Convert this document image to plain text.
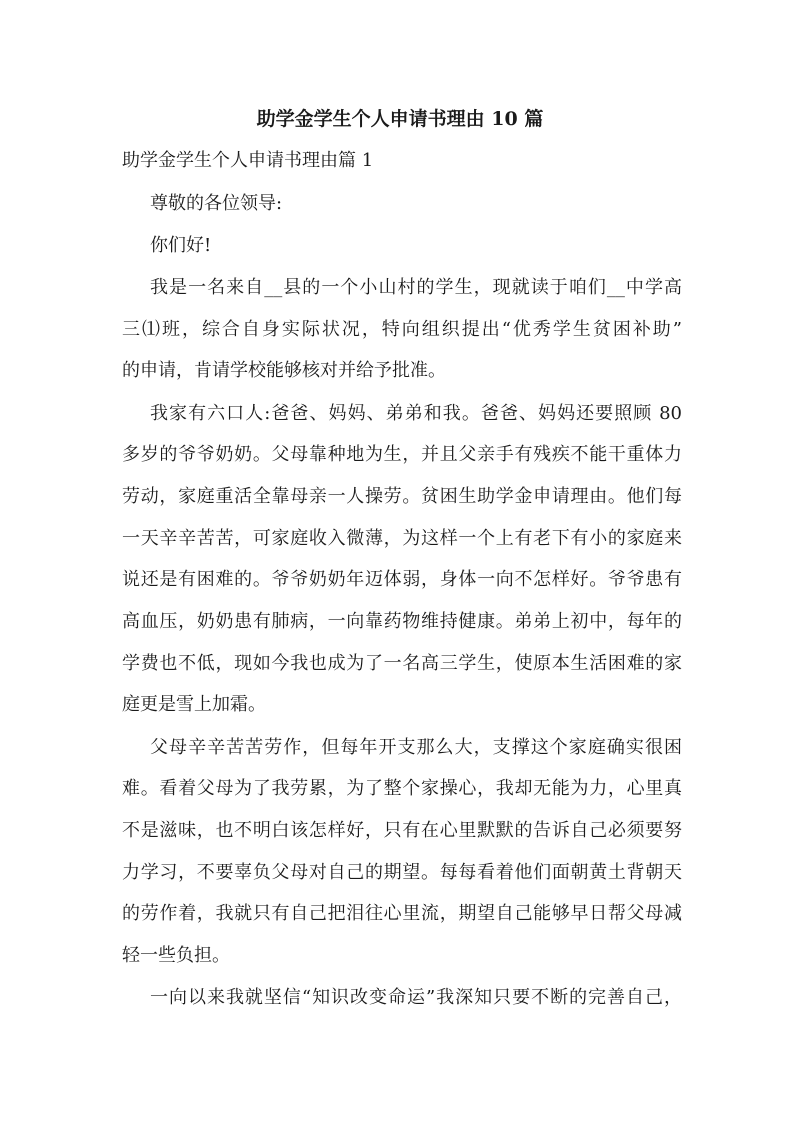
助学金学生个人申请书理由 10 篇
助学金学生个人申请书理由篇 1
尊敬的各位领导:
你们好!
我是一名来自__县的一个小山村的学生，现就读于咱们__中学高
三⑴班，综合自身实际状况，特向组织提出“优秀学生贫困补助”
的申请，肯请学校能够核对并给予批准。
我家有六口人:爸爸、妈妈、弟弟和我。爸爸、妈妈还要照顾 80
多岁的爷爷奶奶。父母靠种地为生，并且父亲手有残疾不能干重体力
劳动，家庭重活全靠母亲一人操劳。贫困生助学金申请理由。他们每
一天辛辛苦苦，可家庭收入微薄，为这样一个上有老下有小的家庭来
说还是有困难的。爷爷奶奶年迈体弱，身体一向不怎样好。爷爷患有
高血压，奶奶患有肺病，一向靠药物维持健康。弟弟上初中，每年的
学费也不低，现如今我也成为了一名高三学生，使原本生活困难的家
庭更是雪上加霜。
父母辛辛苦苦劳作，但每年开支那么大，支撑这个家庭确实很困
难。看着父母为了我劳累，为了整个家操心，我却无能为力，心里真
不是滋味，也不明白该怎样好，只有在心里默默的告诉自己必须要努
力学习，不要辜负父母对自己的期望。每每看着他们面朝黄土背朝天
的劳作着，我就只有自己把泪往心里流，期望自己能够早日帮父母减
轻一些负担。
一向以来我就坚信“知识改变命运”我深知只要不断的完善自己，
